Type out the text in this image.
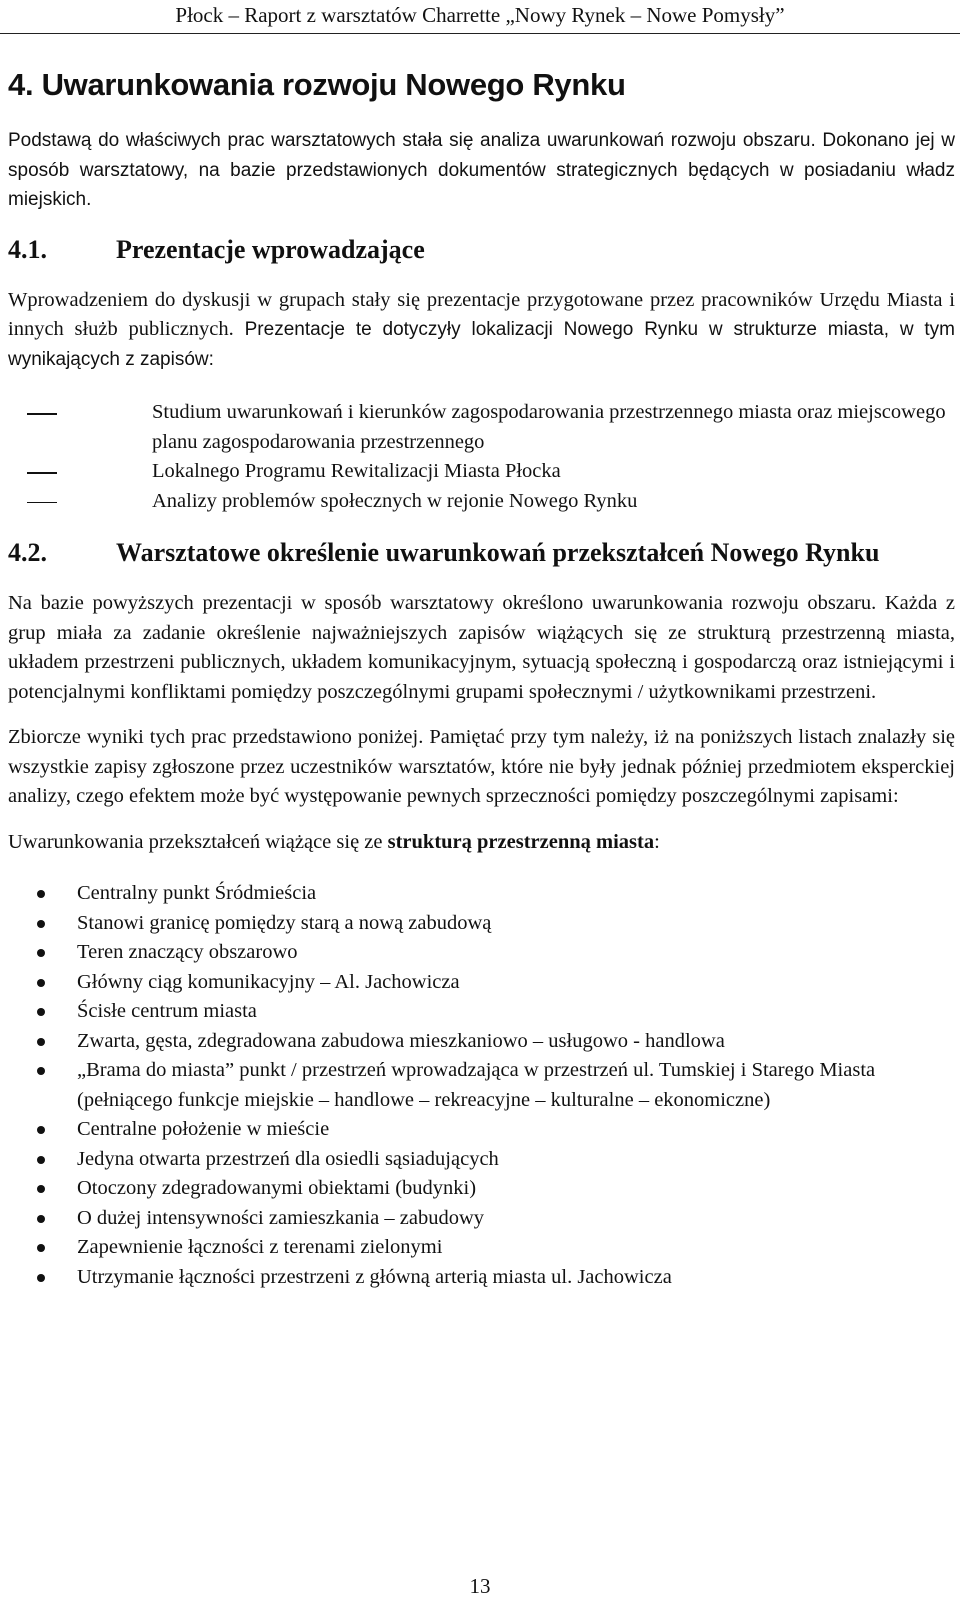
Płock – Raport z warsztatów Charrette „Nowy Rynek – Nowe Pomysły”
4. Uwarunkowania rozwoju Nowego Rynku

Podstawą do właściwych prac warsztatowych stała się analiza uwarunkowań rozwoju obszaru. Dokonano jej w sposób warsztatowy, na bazie przedstawionych dokumentów strategicznych będących w posiadaniu władz miejskich.

4.1.	Prezentacje wprowadzające

Wprowadzeniem do dyskusji w grupach stały się prezentacje przygotowane przez pracowników Urzędu Miasta i innych służb publicznych. Prezentacje te dotyczyły lokalizacji Nowego Rynku w strukturze miasta, w tym wynikających z zapisów:

Studium uwarunkowań i kierunków zagospodarowania przestrzennego miasta oraz miejscowego planu zagospodarowania przestrzennego
Lokalnego Programu Rewitalizacji Miasta Płocka
Analizy problemów społecznych w rejonie Nowego Rynku
4.2.	Warsztatowe określenie uwarunkowań przekształceń Nowego Rynku

Na bazie powyższych prezentacji w sposób warsztatowy określono uwarunkowania rozwoju obszaru. Każda z grup miała za zadanie określenie najważniejszych zapisów wiążących się ze strukturą przestrzenną miasta, układem przestrzeni publicznych, układem komunikacyjnym, sytuacją społeczną i gospodarczą oraz istniejącymi i potencjalnymi konfliktami pomiędzy poszczególnymi grupami społecznymi / użytkownikami przestrzeni.

Zbiorcze wyniki tych prac przedstawiono poniżej. Pamiętać przy tym należy, iż na poniższych listach znalazły się wszystkie zapisy zgłoszone przez uczestników warsztatów, które nie były jednak później przedmiotem eksperckiej analizy, czego efektem może być występowanie pewnych sprzeczności pomiędzy poszczególnymi zapisami:

Uwarunkowania przekształceń wiążące się ze strukturą przestrzenną miasta:

Centralny punkt Śródmieścia
Stanowi granicę pomiędzy starą a nową zabudową
Teren znaczący obszarowo
Główny ciąg komunikacyjny – Al. Jachowicza
Ścisłe centrum miasta
Zwarta, gęsta, zdegradowana zabudowa mieszkaniowo – usługowo - handlowa
„Brama do miasta” punkt / przestrzeń wprowadzająca w przestrzeń ul. Tumskiej i Starego Miasta (pełniącego funkcje miejskie – handlowe – rekreacyjne – kulturalne – ekonomiczne)
Centralne położenie w mieście
Jedyna otwarta przestrzeń dla osiedli sąsiadujących
Otoczony zdegradowanymi obiektami (budynki)
O dużej intensywności zamieszkania – zabudowy
Zapewnienie łączności z terenami zielonymi
Utrzymanie łączności przestrzeni z główną arterią miasta ul. Jachowicza
13
